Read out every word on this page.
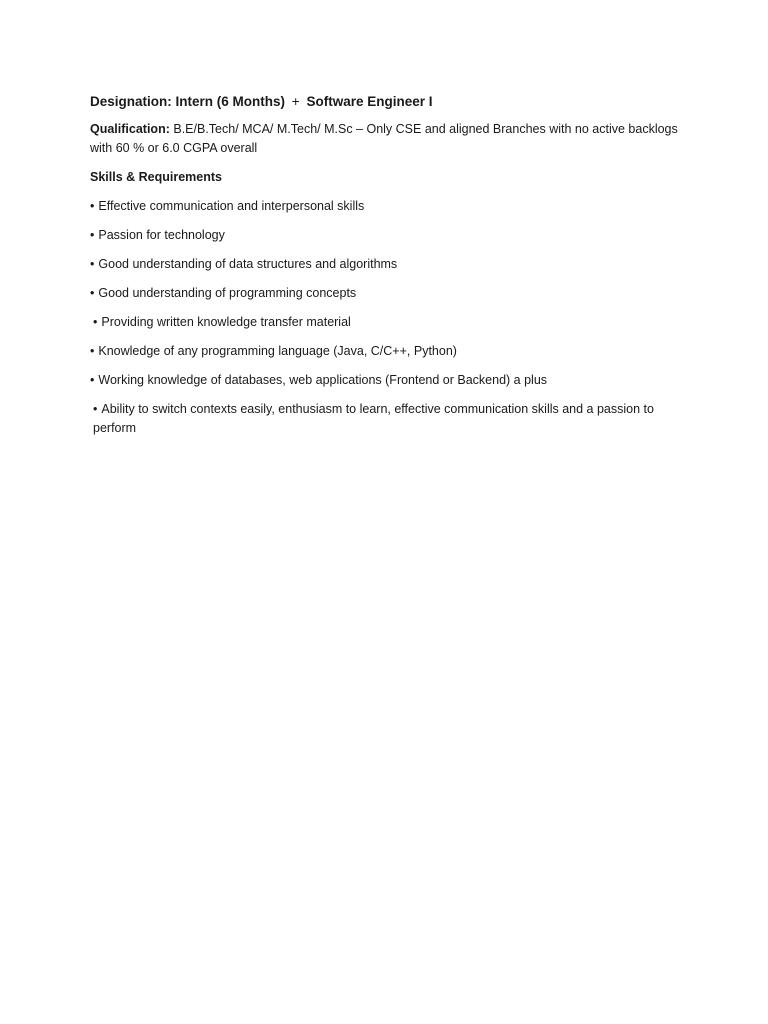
Designation: Intern (6 Months) + Software Engineer I

Qualification: B.E/B.Tech/ MCA/ M.Tech/ M.Sc – Only CSE and aligned Branches with no active backlogs with 60 % or 6.0 CGPA overall

Skills & Requirements

• Effective communication and interpersonal skills
• Passion for technology
• Good understanding of data structures and algorithms
• Good understanding of programming concepts
• Providing written knowledge transfer material
• Knowledge of any programming language (Java, C/C++, Python)
• Working knowledge of databases, web applications (Frontend or Backend) a plus
• Ability to switch contexts easily, enthusiasm to learn, effective communication skills and a passion to perform
